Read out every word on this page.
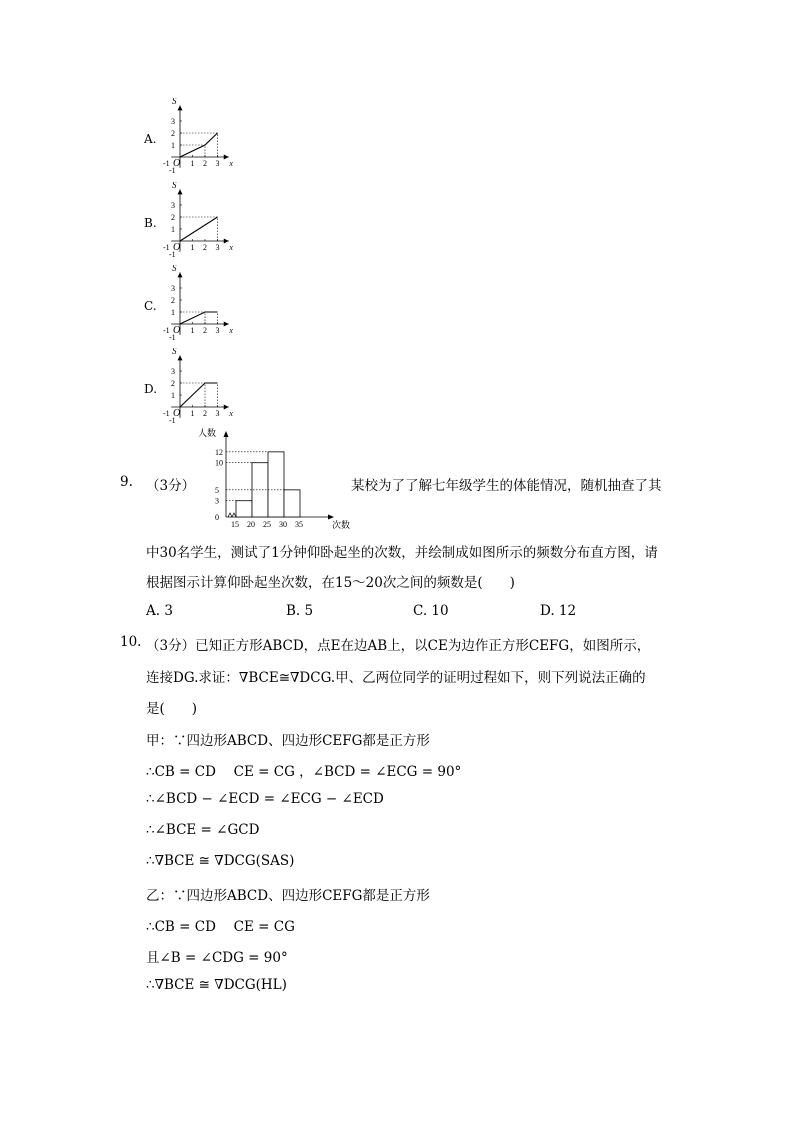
A.
3
2
1
1 2 3
-1 O
-1
S
x
B.
3
2
1
1 2 3
-1 O
-1
S
x
C.
3
2
1
1 2 3
-1 O
-1
S
x
D.
3
2
1
1 2 3
-1 O
-1
S
x
9. （3分）
人数
次数
12
10
5
3
0
15 20 25 30 35
某校为了了解七年级学生的体能情况，随机抽查了其
中30名学生，测试了1分钟仰卧起坐的次数，并绘制成如图所示的频数分布直方图，请
根据图示计算仰卧起坐次数，在15～20次之间的频数是(　　)
A. 3	B. 5	C. 10	D. 12
10. （3分）已知正方形ABCD，点E在边AB上，以CE为边作正方形CEFG，如图所示，
连接DG.求证：∇BCE≅∇DCG.甲、乙两位同学的证明过程如下，则下列说法正确的
是(　　)
甲：∵四边形ABCD、四边形CEFG都是正方形
∴CB = CD　 CE = CG ，∠BCD = ∠ECG = 90°
∴∠BCD − ∠ECD = ∠ECG − ∠ECD
∴∠BCE = ∠GCD
∴∇BCE ≅ ∇DCG(SAS)
乙：∵四边形ABCD、四边形CEFG都是正方形
∴CB = CD　 CE = CG
且∠B = ∠CDG = 90°
∴∇BCE ≅ ∇DCG(HL)
